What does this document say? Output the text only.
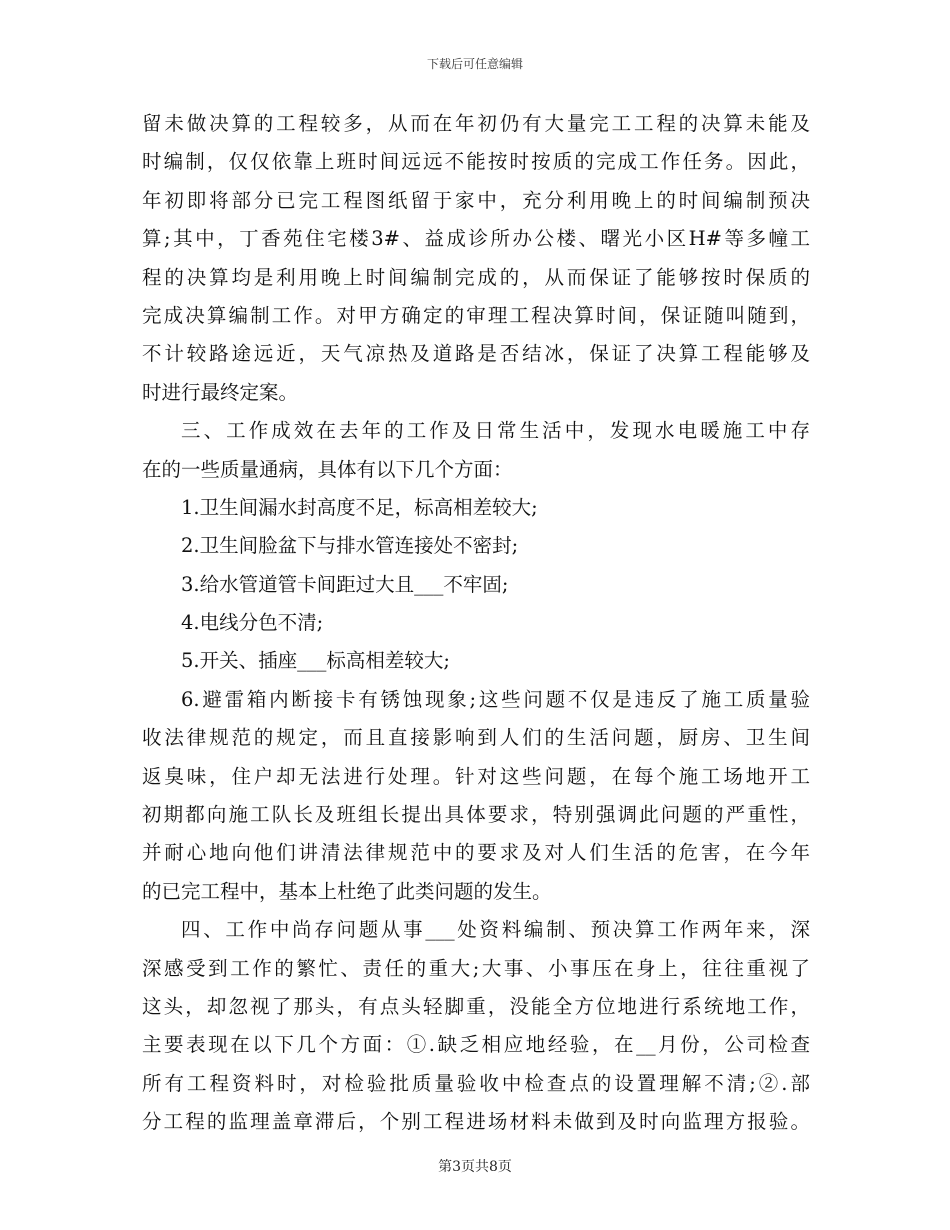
下载后可任意编辑
留未做决算的工程较多，从而在年初仍有大量完工工程的决算未能及
时编制，仅仅依靠上班时间远远不能按时按质的完成工作任务。因此，
年初即将部分已完工程图纸留于家中，充分利用晚上的时间编制预决
算;其中，丁香苑住宅楼3#、益成诊所办公楼、曙光小区H#等多幢工
程的决算均是利用晚上时间编制完成的，从而保证了能够按时保质的
完成决算编制工作。对甲方确定的审理工程决算时间，保证随叫随到，
不计较路途远近，天气凉热及道路是否结冰，保证了决算工程能够及
时进行最终定案。
三、工作成效在去年的工作及日常生活中，发现水电暖施工中存
在的一些质量通病，具体有以下几个方面：
1.卫生间漏水封高度不足，标高相差较大;
2.卫生间脸盆下与排水管连接处不密封;
3.给水管道管卡间距过大且___不牢固;
4.电线分色不清;
5.开关、插座___标高相差较大;
6.避雷箱内断接卡有锈蚀现象;这些问题不仅是违反了施工质量验
收法律规范的规定，而且直接影响到人们的生活问题，厨房、卫生间
返臭味，住户却无法进行处理。针对这些问题，在每个施工场地开工
初期都向施工队长及班组长提出具体要求，特别强调此问题的严重性，
并耐心地向他们讲清法律规范中的要求及对人们生活的危害，在今年
的已完工程中，基本上杜绝了此类问题的发生。
四、工作中尚存问题从事___处资料编制、预决算工作两年来，深
深感受到工作的繁忙、责任的重大;大事、小事压在身上，往往重视了
这头，却忽视了那头，有点头轻脚重，没能全方位地进行系统地工作，
主要表现在以下几个方面：①.缺乏相应地经验，在__月份，公司检查
所有工程资料时，对检验批质量验收中检查点的设置理解不清;②.部
分工程的监理盖章滞后，个别工程进场材料未做到及时向监理方报验。
第3页共8页
